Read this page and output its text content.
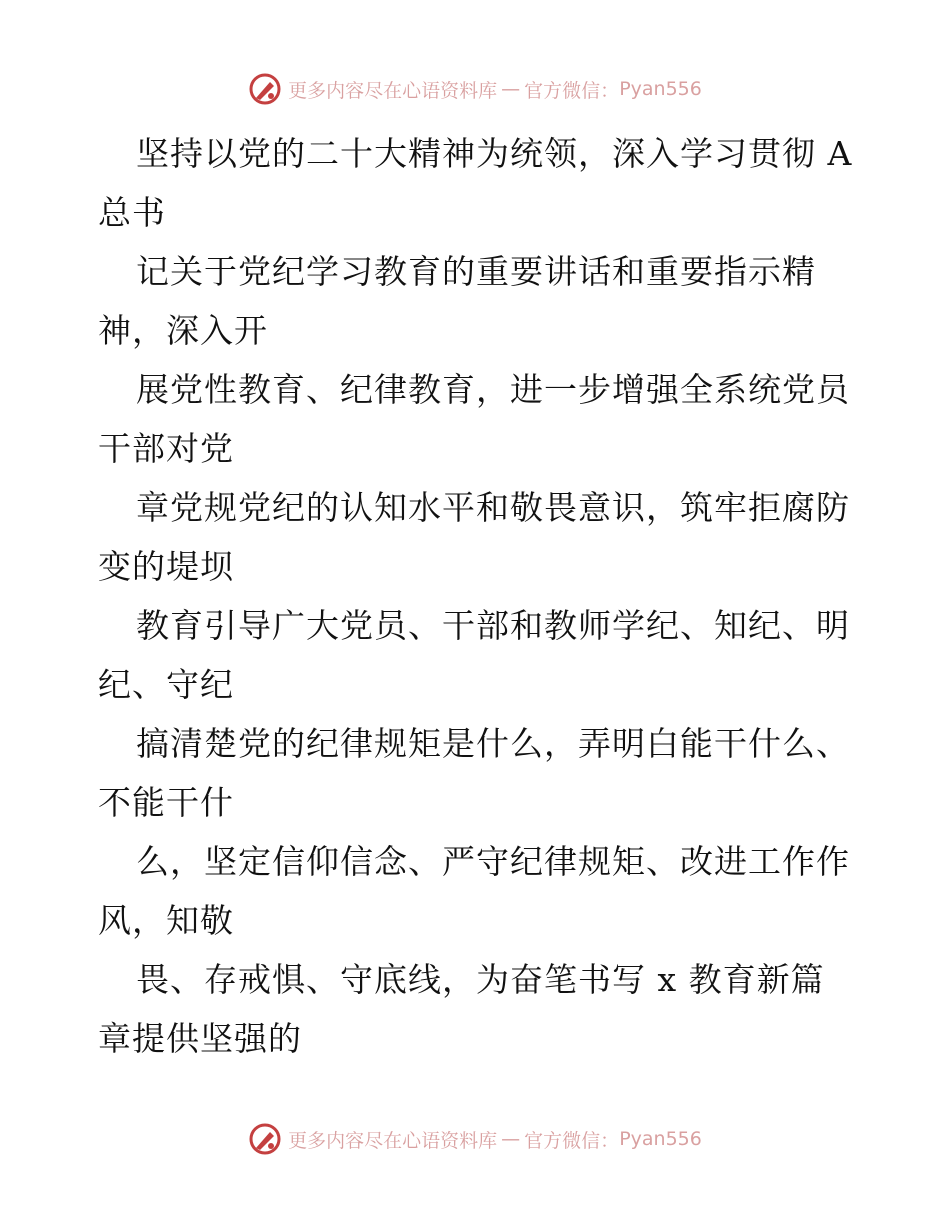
更多内容尽在心语资料库 — 官方微信： Pyan556
坚持以党的二十大精神为统领，深入学习贯彻 A
总书
记关于党纪学习教育的重要讲话和重要指示精
神，深入开
展党性教育、纪律教育，进一步增强全系统党员
干部对党
章党规党纪的认知水平和敬畏意识，筑牢拒腐防
变的堤坝
教育引导广大党员、干部和教师学纪、知纪、明
纪、守纪
搞清楚党的纪律规矩是什么，弄明白能干什么、
不能干什
么，坚定信仰信念、严守纪律规矩、改进工作作
风，知敬
畏、存戒惧、守底线，为奋笔书写 x 教育新篇
章提供坚强的
更多内容尽在心语资料库 — 官方微信： Pyan556
